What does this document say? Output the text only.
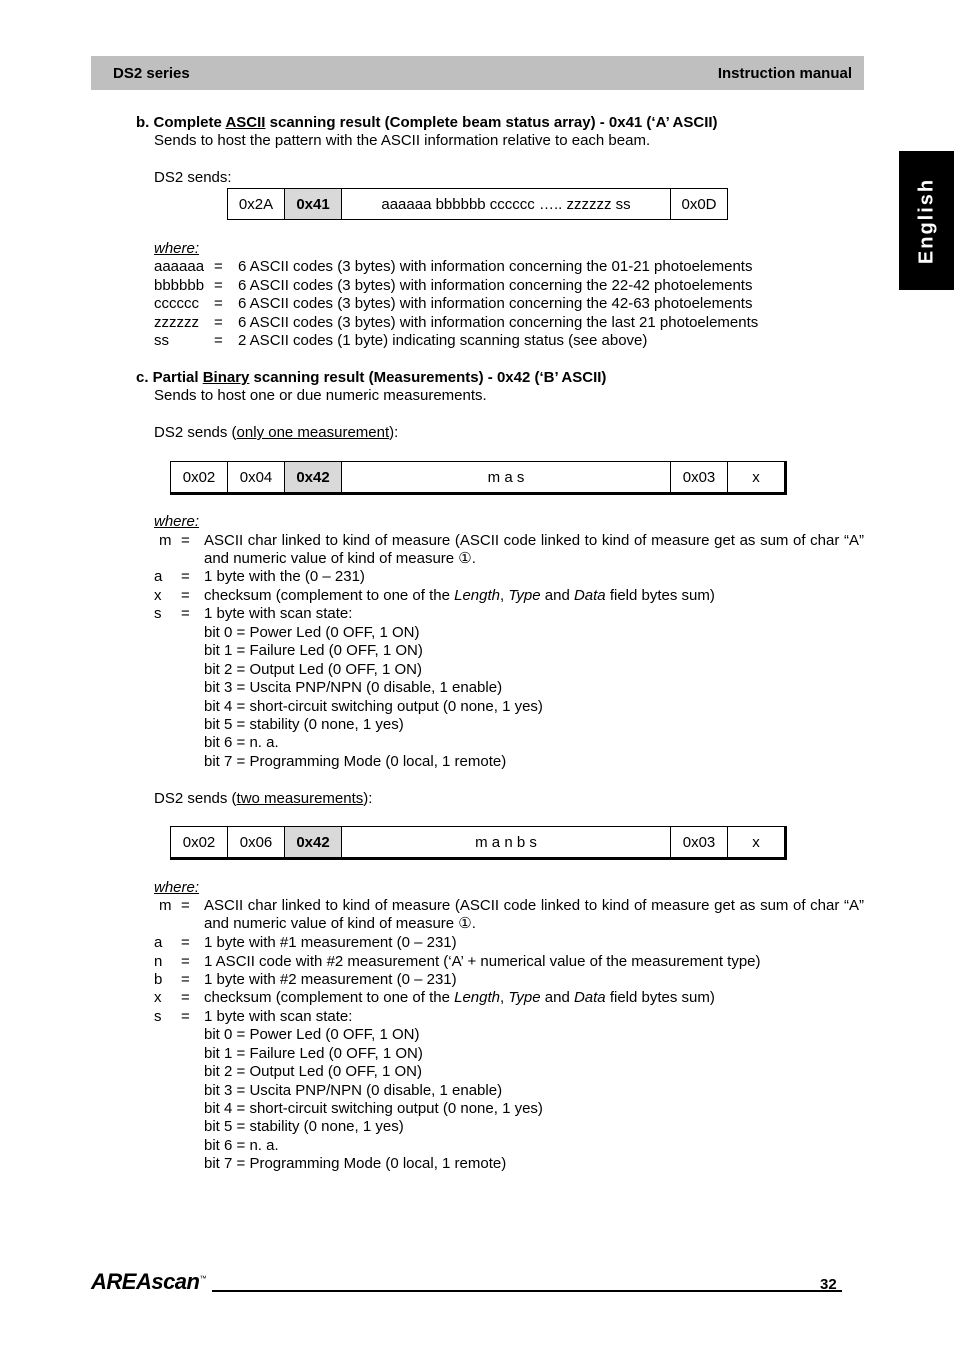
DS2 series	Instruction manual
English
b. Complete ASCII scanning result (Complete beam status array) - 0x41 (‘A’ ASCII)
Sends to host the pattern with the ASCII information relative to each beam.
DS2 sends:
0x2A	0x41	aaaaaa bbbbbb cccccc ….. zzzzzz ss	0x0D
where:
aaaaaa = 6 ASCII codes (3 bytes) with information concerning the 01-21 photoelements
bbbbbb = 6 ASCII codes (3 bytes) with information concerning the 22-42 photoelements
cccccc = 6 ASCII codes (3 bytes) with information concerning the 42-63 photoelements
zzzzzz = 6 ASCII codes (3 bytes) with information concerning the last 21 photoelements
ss	= 2 ASCII codes (1 byte) indicating scanning status (see above)
c. Partial Binary scanning result (Measurements) - 0x42 (‘B’ ASCII)
Sends to host one or due numeric measurements.
DS2 sends (only one measurement):
0x02	0x04	0x42	m a s	0x03	x
where:
m = ASCII char linked to kind of measure (ASCII code linked to kind of measure get as sum of char “A” and numeric value of kind of measure ①.
a = 1 byte with the (0 – 231)
x = checksum (complement to one of the Length, Type and Data field bytes sum)
s = 1 byte with scan state:
bit 0 = Power Led (0 OFF, 1 ON)
bit 1 = Failure Led (0 OFF, 1 ON)
bit 2 = Output Led (0 OFF, 1 ON)
bit 3 = Uscita PNP/NPN (0 disable, 1 enable)
bit 4 = short-circuit switching output (0 none, 1 yes)
bit 5 = stability (0 none, 1 yes)
bit 6 = n. a.
bit 7 = Programming Mode (0 local, 1 remote)
DS2 sends (two measurements):
0x02	0x06	0x42	m a n b s	0x03	x
where:
m = ASCII char linked to kind of measure (ASCII code linked to kind of measure get as sum of char “A” and numeric value of kind of measure ①.
a = 1 byte with #1 measurement (0 – 231)
n = 1 ASCII code with #2 measurement (‘A’ + numerical value of the measurement type)
b = 1 byte with #2 measurement (0 – 231)
x = checksum (complement to one of the Length, Type and Data field bytes sum)
s = 1 byte with scan state:
bit 0 = Power Led (0 OFF, 1 ON)
bit 1 = Failure Led (0 OFF, 1 ON)
bit 2 = Output Led (0 OFF, 1 ON)
bit 3 = Uscita PNP/NPN (0 disable, 1 enable)
bit 4 = short-circuit switching output (0 none, 1 yes)
bit 5 = stability (0 none, 1 yes)
bit 6 = n. a.
bit 7 = Programming Mode (0 local, 1 remote)
AREAscan™	32
